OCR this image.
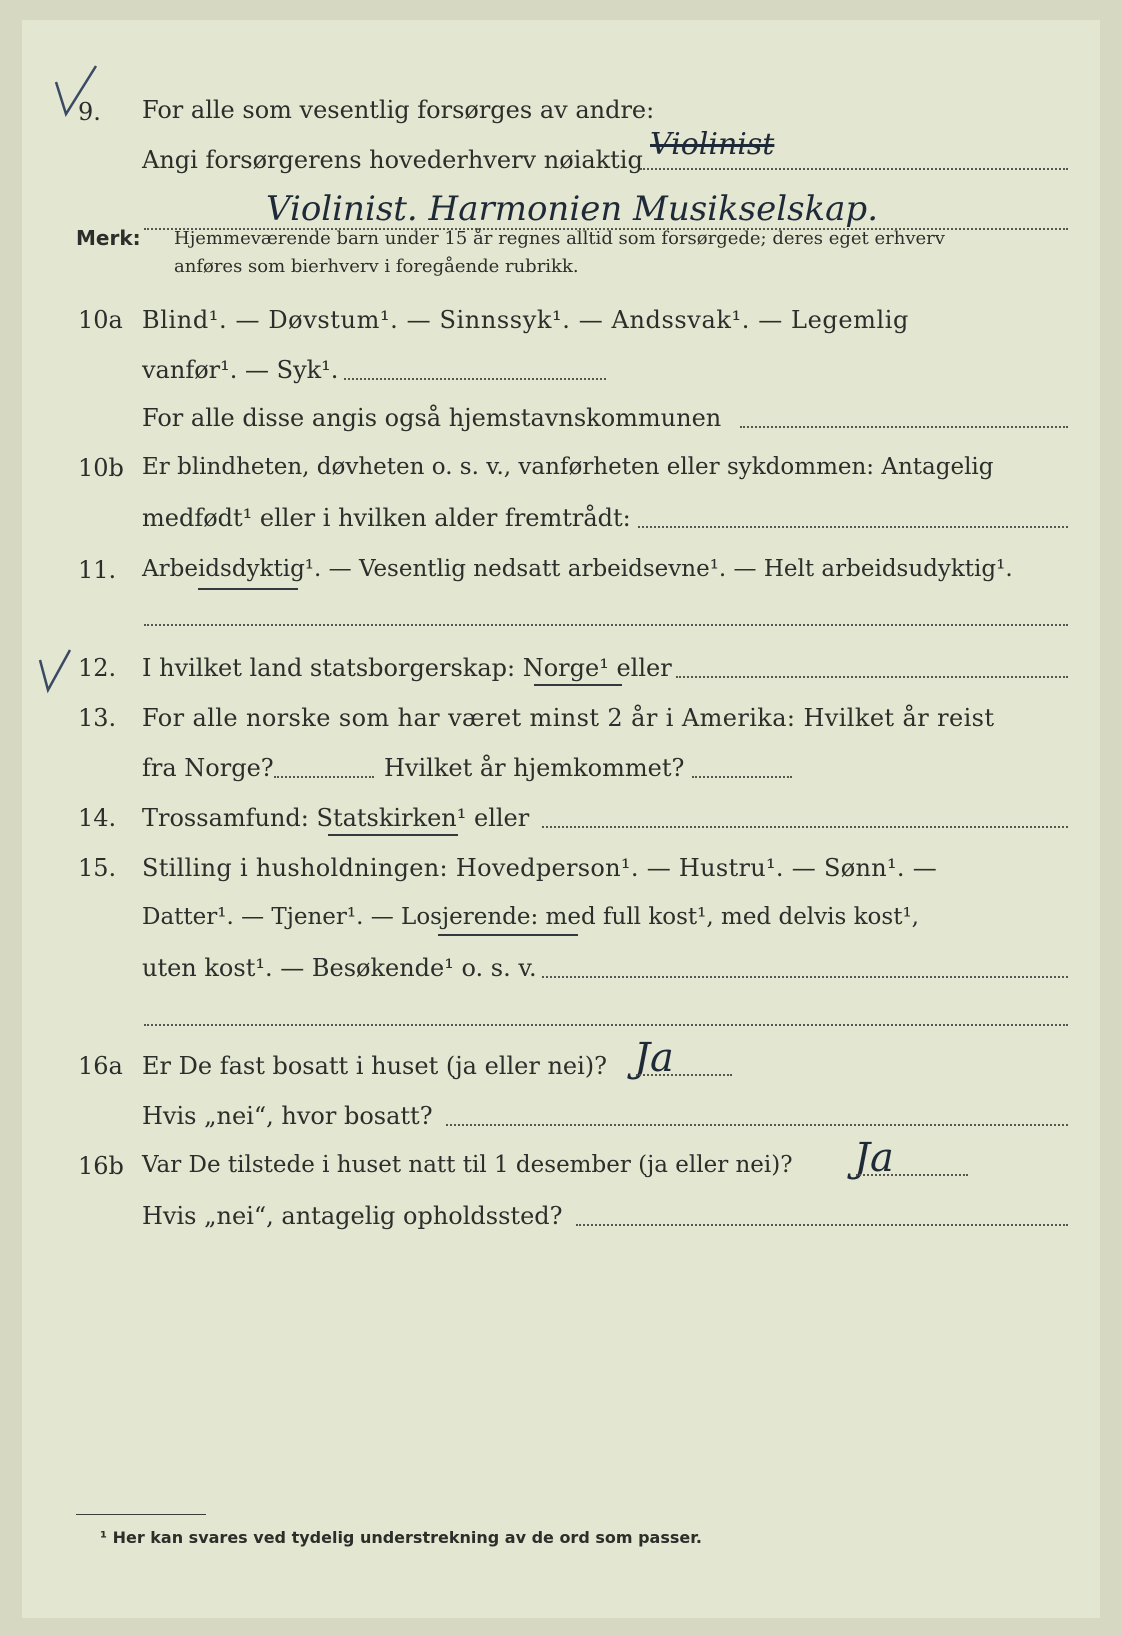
9. For alle som vesentlig forsørges av andre:
Angi forsørgerens hovederhverv nøiaktig Violinist
Violinist. Harmonien Musikselskap.
Merk: Hjemmeværende barn under 15 år regnes alltid som forsørgede; deres eget erhverv
anføres som bierhverv i foregående rubrikk.
10a Blind¹. — Døvstum¹. — Sinnssyk¹. — Andssvak¹. — Legemlig
vanfør¹. — Syk¹.
For alle disse angis også hjemstavnskommunen
10b Er blindheten, døvheten o. s. v., vanførheten eller sykdommen: Antagelig
medfødt¹ eller i hvilken alder fremtrådt:
11. Arbeidsdyktig¹. — Vesentlig nedsatt arbeidsevne¹. — Helt arbeidsudyktig¹.
12. I hvilket land statsborgerskap: Norge¹ eller
13. For alle norske som har været minst 2 år i Amerika: Hvilket år reist
fra Norge?	Hvilket år hjemkommet?
14. Trossamfund: Statskirken¹ eller
15. Stilling i husholdningen: Hovedperson¹. — Hustru¹. — Sønn¹. —
Datter¹. — Tjener¹. — Losjerende: med full kost¹, med delvis kost¹,
uten kost¹. — Besøkende¹ o. s. v.
16a Er De fast bosatt i huset (ja eller nei)? Ja
Hvis „nei“, hvor bosatt?
16b Var De tilstede i huset natt til 1 desember (ja eller nei)? Ja
Hvis „nei“, antagelig opholdssted?
¹ Her kan svares ved tydelig understrekning av de ord som passer.
